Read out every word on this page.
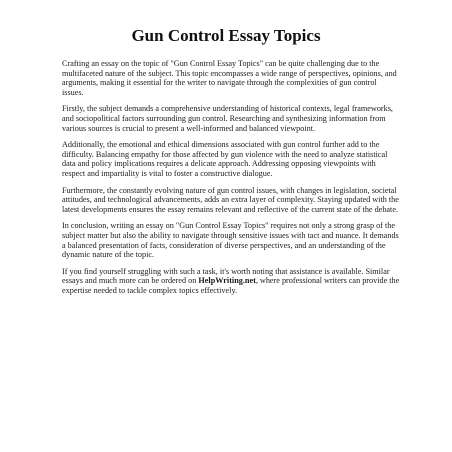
Gun Control Essay Topics

Crafting an essay on the topic of "Gun Control Essay Topics" can be quite challenging due to the multifaceted nature of the subject. This topic encompasses a wide range of perspectives, opinions, and arguments, making it essential for the writer to navigate through the complexities of gun control issues.

Firstly, the subject demands a comprehensive understanding of historical contexts, legal frameworks, and sociopolitical factors surrounding gun control. Researching and synthesizing information from various sources is crucial to present a well-informed and balanced viewpoint.

Additionally, the emotional and ethical dimensions associated with gun control further add to the difficulty. Balancing empathy for those affected by gun violence with the need to analyze statistical data and policy implications requires a delicate approach. Addressing opposing viewpoints with respect and impartiality is vital to foster a constructive dialogue.

Furthermore, the constantly evolving nature of gun control issues, with changes in legislation, societal attitudes, and technological advancements, adds an extra layer of complexity. Staying updated with the latest developments ensures the essay remains relevant and reflective of the current state of the debate.

In conclusion, writing an essay on "Gun Control Essay Topics" requires not only a strong grasp of the subject matter but also the ability to navigate through sensitive issues with tact and nuance. It demands a balanced presentation of facts, consideration of diverse perspectives, and an understanding of the dynamic nature of the topic.

If you find yourself struggling with such a task, it's worth noting that assistance is available. Similar essays and much more can be ordered on HelpWriting.net, where professional writers can provide the expertise needed to tackle complex topics effectively.
